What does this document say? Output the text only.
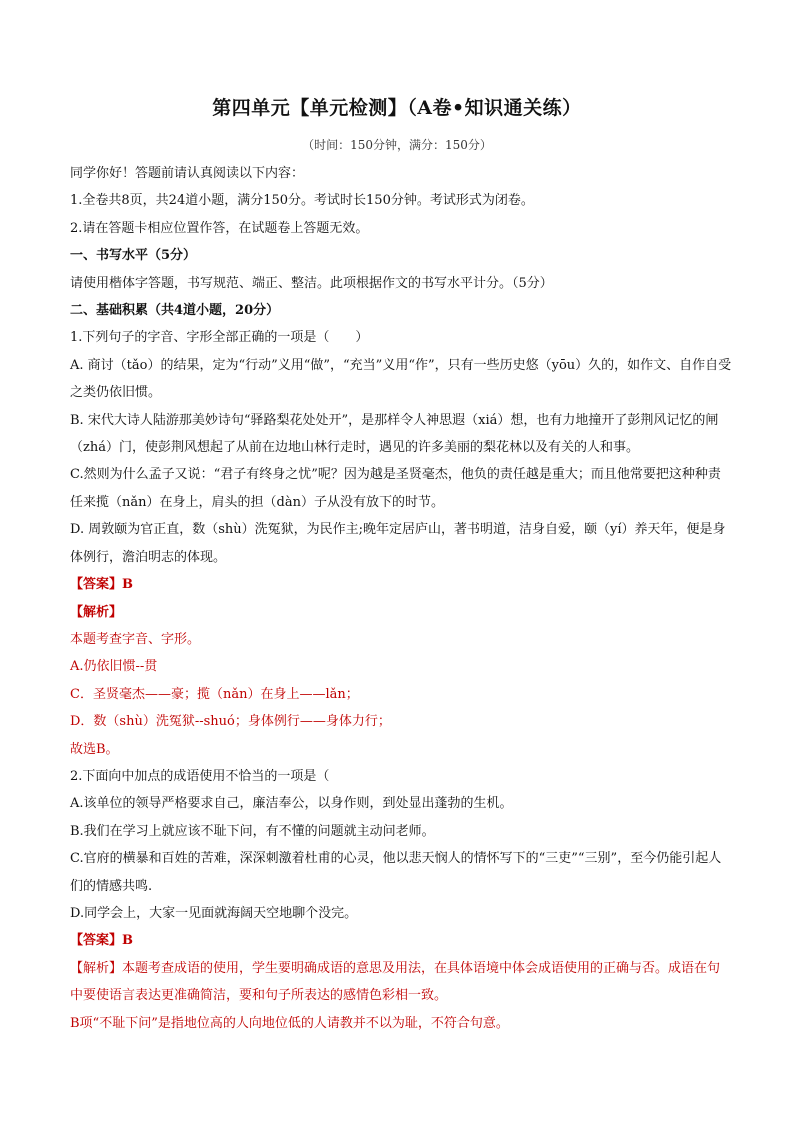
第四单元【单元检测】（A卷•知识通关练）
（时间：150分钟，满分：150分）

同学你好！答题前请认真阅读以下内容：

1.全卷共8页，共24道小题，满分150分。考试时长150分钟。考试形式为闭卷。

2.请在答题卡相应位置作答，在试题卷上答题无效。

一、书写水平（5分）

请使用楷体字答题，书写规范、端正、整洁。此项根据作文的书写水平计分。（5分）

二、基础积累（共4道小题，20分）

1.下列句子的字音、字形全部正确的一项是（　　）

A. 商讨（tǎo）的结果，定为“行动”义用“做”，“充当”义用“作”，只有一些历史悠（yōu）久的，如作文、自作自受之类仍依旧惯。

B. 宋代大诗人陆游那美妙诗句“驿路梨花处处开”，是那样令人神思遐（xiá）想，也有力地撞开了彭荆风记忆的闸（zhá）门，使彭荆风想起了从前在边地山林行走时，遇见的许多美丽的梨花林以及有关的人和事。

C.然则为什么孟子又说：“君子有终身之忧”呢？因为越是圣贤毫杰，他负的责任越是重大；而且他常要把这种种责任来揽（nǎn）在身上，肩头的担（dàn）子从没有放下的时节。

D. 周敦颐为官正直，数（shù）洗冤狱，为民作主;晚年定居庐山，著书明道，洁身自爱，颐（yí）养天年，便是身体例行，澹泊明志的体现。

【答案】B

【解析】

本题考查字音、字形。

A.仍依旧惯--贯

C．圣贤毫杰——豪；揽（nǎn）在身上——lǎn；

D．数（shù）洗冤狱--shuó；身体例行——身体力行；

故选B。

2.下面向中加点的成语使用不恰当的一项是（

A.该单位的领导严格要求自己，廉洁奉公，以身作则，到处显出蓬勃的生机。

B.我们在学习上就应该不耻下问，有不懂的问题就主动问老师。

C.官府的横暴和百姓的苦难，深深刺激着杜甫的心灵，他以悲天悯人的情怀写下的“三吏”“三别”，至今仍能引起人们的情感共鸣.

D.同学会上，大家一见面就海阔天空地聊个没完。

【答案】B

【解析】本题考查成语的使用，学生要明确成语的意思及用法，在具体语境中体会成语使用的正确与否。成语在句中要使语言表达更准确简洁，要和句子所表达的感情色彩相一致。

B项“不耻下问”是指地位高的人向地位低的人请教并不以为耻，不符合句意。
